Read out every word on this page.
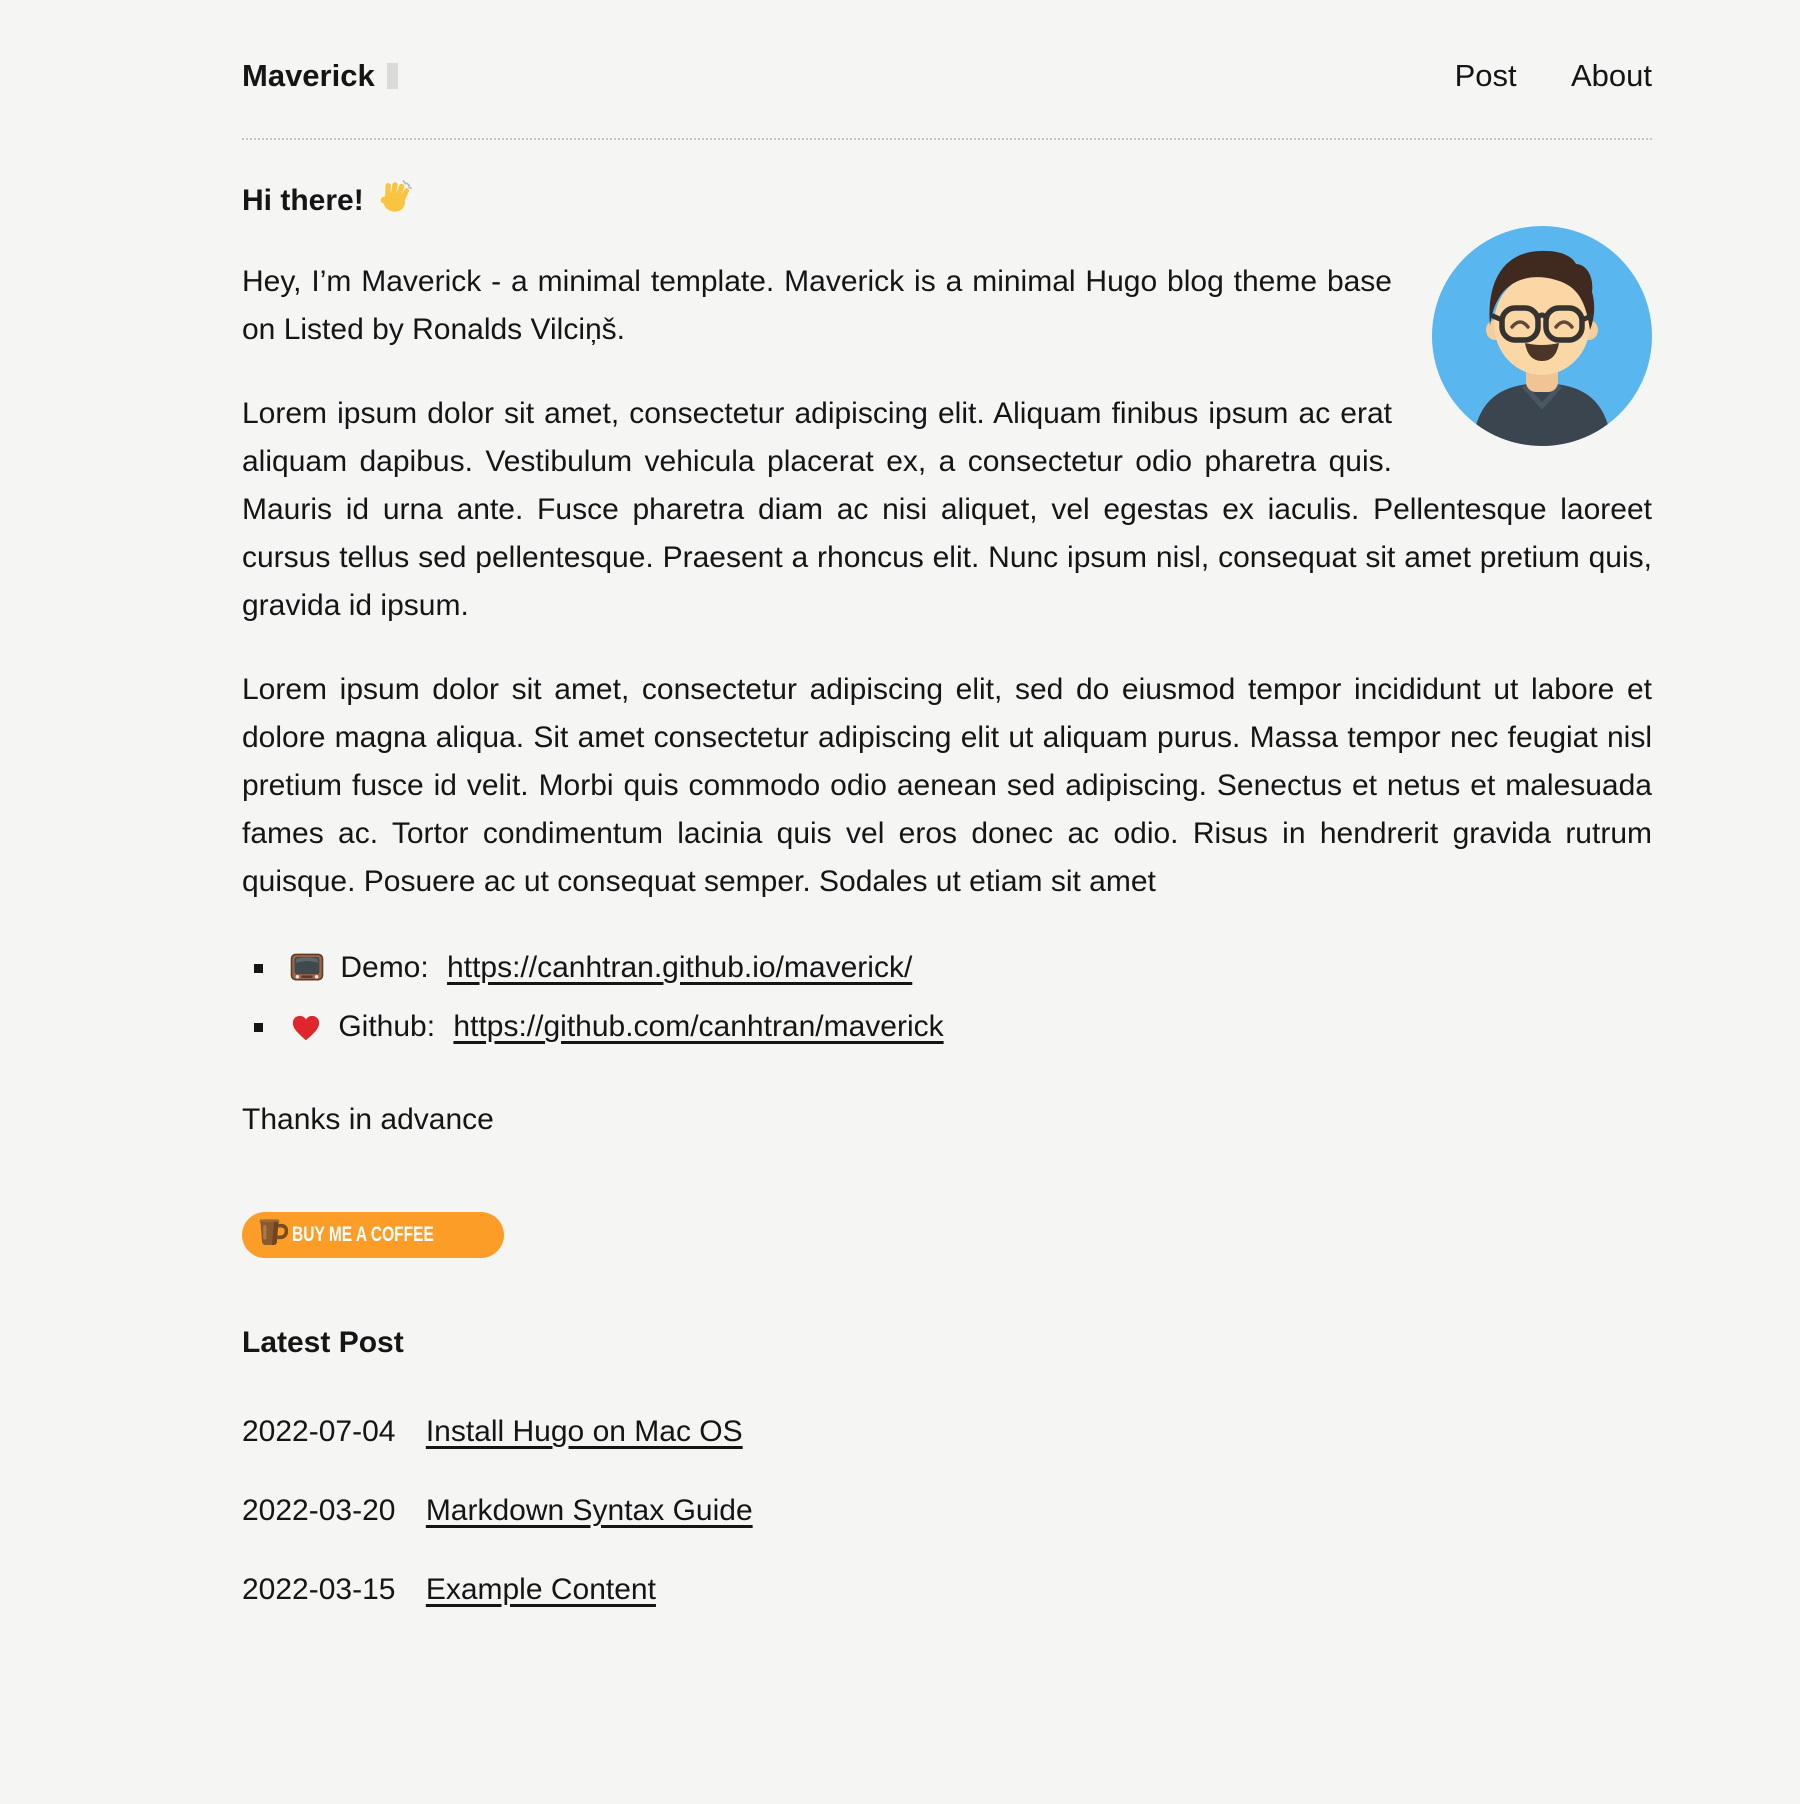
Maverick	Post About
Hi there!

Hey, I’m Maverick - a minimal template. Maverick is a minimal Hugo blog theme base on Listed by Ronalds Vilciņš.

Lorem ipsum dolor sit amet, consectetur adipiscing elit. Aliquam finibus ipsum ac erat aliquam dapibus. Vestibulum vehicula placerat ex, a consectetur odio pharetra quis. Mauris id urna ante. Fusce pharetra diam ac nisi aliquet, vel egestas ex iaculis. Pellentesque laoreet cursus tellus sed pellentesque. Praesent a rhoncus elit. Nunc ipsum nisl, consequat sit amet pretium quis, gravida id ipsum.

Lorem ipsum dolor sit amet, consectetur adipiscing elit, sed do eiusmod tempor incididunt ut labore et dolore magna aliqua. Sit amet consectetur adipiscing elit ut aliquam purus. Massa tempor nec feugiat nisl pretium fusce id velit. Morbi quis commodo odio aenean sed adipiscing. Senectus et netus et malesuada fames ac. Tortor condimentum lacinia quis vel eros donec ac odio. Risus in hendrerit gravida rutrum quisque. Posuere ac ut consequat semper. Sodales ut etiam sit amet

Demo: https://canhtran.github.io/maverick/
Github: https://github.com/canhtran/maverick

Thanks in advance

BUY ME A COFFEE
Latest Post
2022-07-04 Install Hugo on Mac OS
2022-03-20 Markdown Syntax Guide
2022-03-15 Example Content
